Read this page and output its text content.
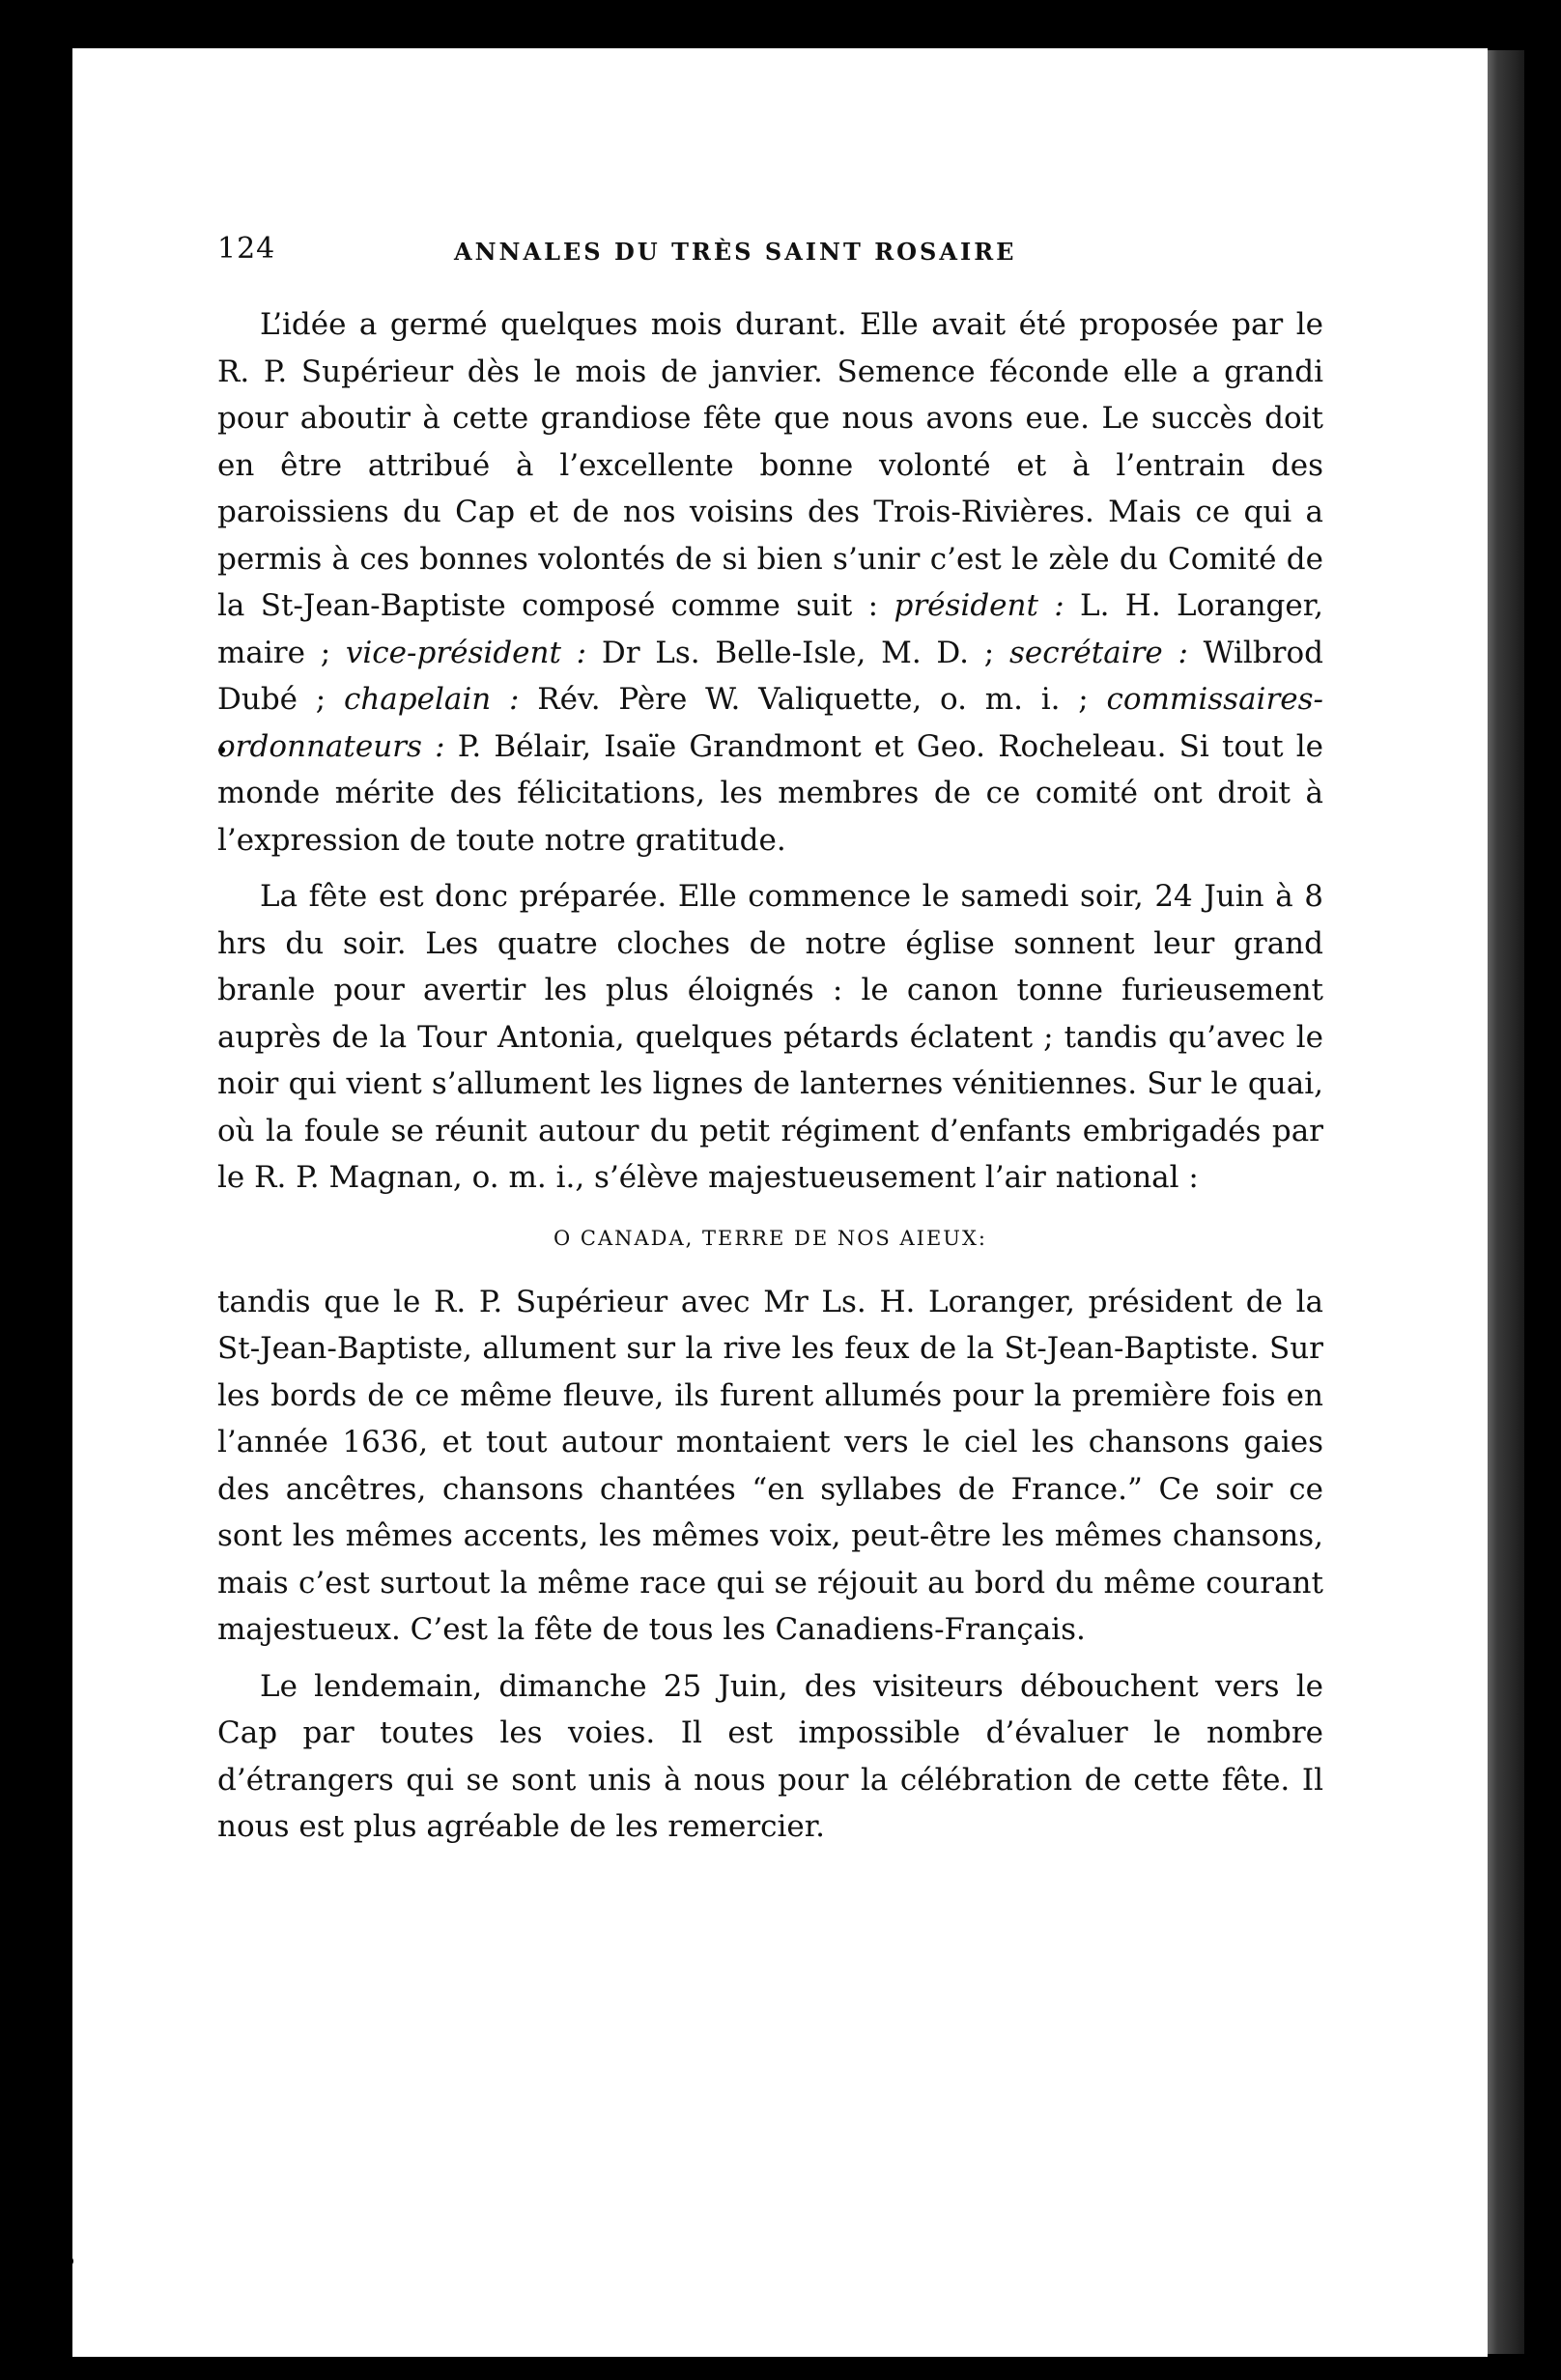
124	ANNALES DU TRÈS SAINT ROSAIRE

L’idée a germé quelques mois durant. Elle avait été proposée par le R. P. Supérieur dès le mois de janvier. Semence féconde elle a grandi pour aboutir à cette grandiose fête que nous avons eue. Le succès doit en être attribué à l’excellente bonne volonté et à l’entrain des paroissiens du Cap et de nos voisins des Trois-Rivières. Mais ce qui a permis à ces bonnes volontés de si bien s’unir c’est le zèle du Comité de la St-Jean-Baptiste composé comme suit : président : L. H. Loranger, maire ; vice-président : Dr Ls. Belle-Isle, M. D. ; secrétaire : Wilbrod Dubé ; chapelain : Rév. Père W. Valiquette, o. m. i. ; commissaires-ordonnateurs : P. Bélair, Isaïe Grandmont et Geo. Rocheleau. Si tout le monde mérite des félicitations, les membres de ce comité ont droit à l’expression de toute notre gratitude.

La fête est donc préparée. Elle commence le samedi soir, 24 Juin à 8 hrs du soir. Les quatre cloches de notre église sonnent leur grand branle pour avertir les plus éloignés : le canon tonne furieusement auprès de la Tour Antonia, quelques pétards éclatent ; tandis qu’avec le noir qui vient s’allument les lignes de lanternes vénitiennes. Sur le quai, où la foule se réunit autour du petit régiment d’enfants embrigadés par le R. P. Magnan, o. m. i., s’élève majestueusement l’air national :

O CANADA, TERRE DE NOS AIEUX:

tandis que le R. P. Supérieur avec Mr Ls. H. Loranger, président de la St-Jean-Baptiste, allument sur la rive les feux de la St-Jean-Baptiste. Sur les bords de ce même fleuve, ils furent allumés pour la première fois en l’année 1636, et tout autour montaient vers le ciel les chansons gaies des ancêtres, chansons chantées “en syllabes de France.” Ce soir ce sont les mêmes accents, les mêmes voix, peut-être les mêmes chansons, mais c’est surtout la même race qui se réjouit au bord du même courant majestueux. C’est la fête de tous les Canadiens-Français.

Le lendemain, dimanche 25 Juin, des visiteurs débouchent vers le Cap par toutes les voies. Il est impossible d’évaluer le nombre d’étrangers qui se sont unis à nous pour la célébration de cette fête. Il nous est plus agréable de les remercier.
